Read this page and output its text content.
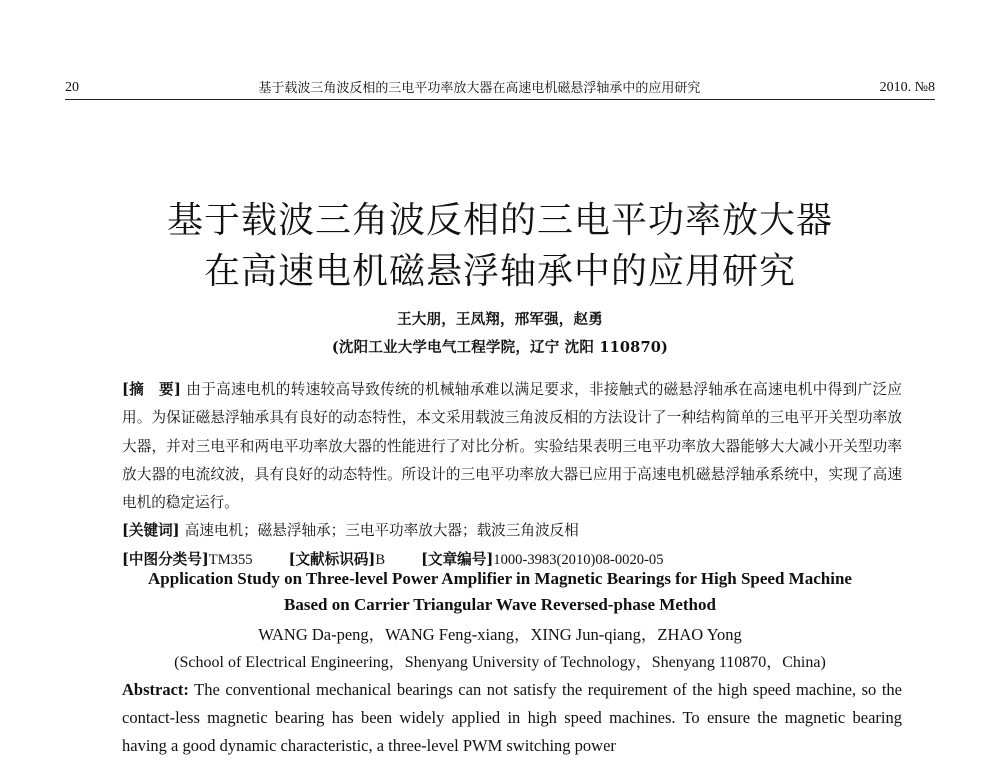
20	基于载波三角波反相的三电平功率放大器在高速电机磁悬浮轴承中的应用研究	2010. №8
基于载波三角波反相的三电平功率放大器
在高速电机磁悬浮轴承中的应用研究
王大朋，王凤翔，邢军强，赵勇
(沈阳工业大学电气工程学院，辽宁 沈阳 110870)
[摘　要] 由于高速电机的转速较高导致传统的机械轴承难以满足要求，非接触式的磁悬浮轴承在高速电机中得到广泛应用。为保证磁悬浮轴承具有良好的动态特性，本文采用载波三角波反相的方法设计了一种结构简单的三电平开关型功率放大器，并对三电平和两电平功率放大器的性能进行了对比分析。实验结果表明三电平功率放大器能够大大减小开关型功率放大器的电流纹波，具有良好的动态特性。所设计的三电平功率放大器已应用于高速电机磁悬浮轴承系统中，实现了高速电机的稳定运行。
[关键词] 高速电机；磁悬浮轴承；三电平功率放大器；载波三角波反相
[中图分类号]TM355 [文献标识码]B [文章编号]1000-3983(2010)08-0020-05
Application Study on Three-level Power Amplifier in Magnetic Bearings for High Speed Machine
Based on Carrier Triangular Wave Reversed-phase Method
WANG Da-peng，WANG Feng-xiang，XING Jun-qiang，ZHAO Yong
(School of Electrical Engineering，Shenyang University of Technology，Shenyang 110870，China)
Abstract: The conventional mechanical bearings can not satisfy the requirement of the high speed machine, so the contact-less magnetic bearing has been widely applied in high speed machines. To ensure the magnetic bearing having a good dynamic characteristic, a three-level PWM switching power
